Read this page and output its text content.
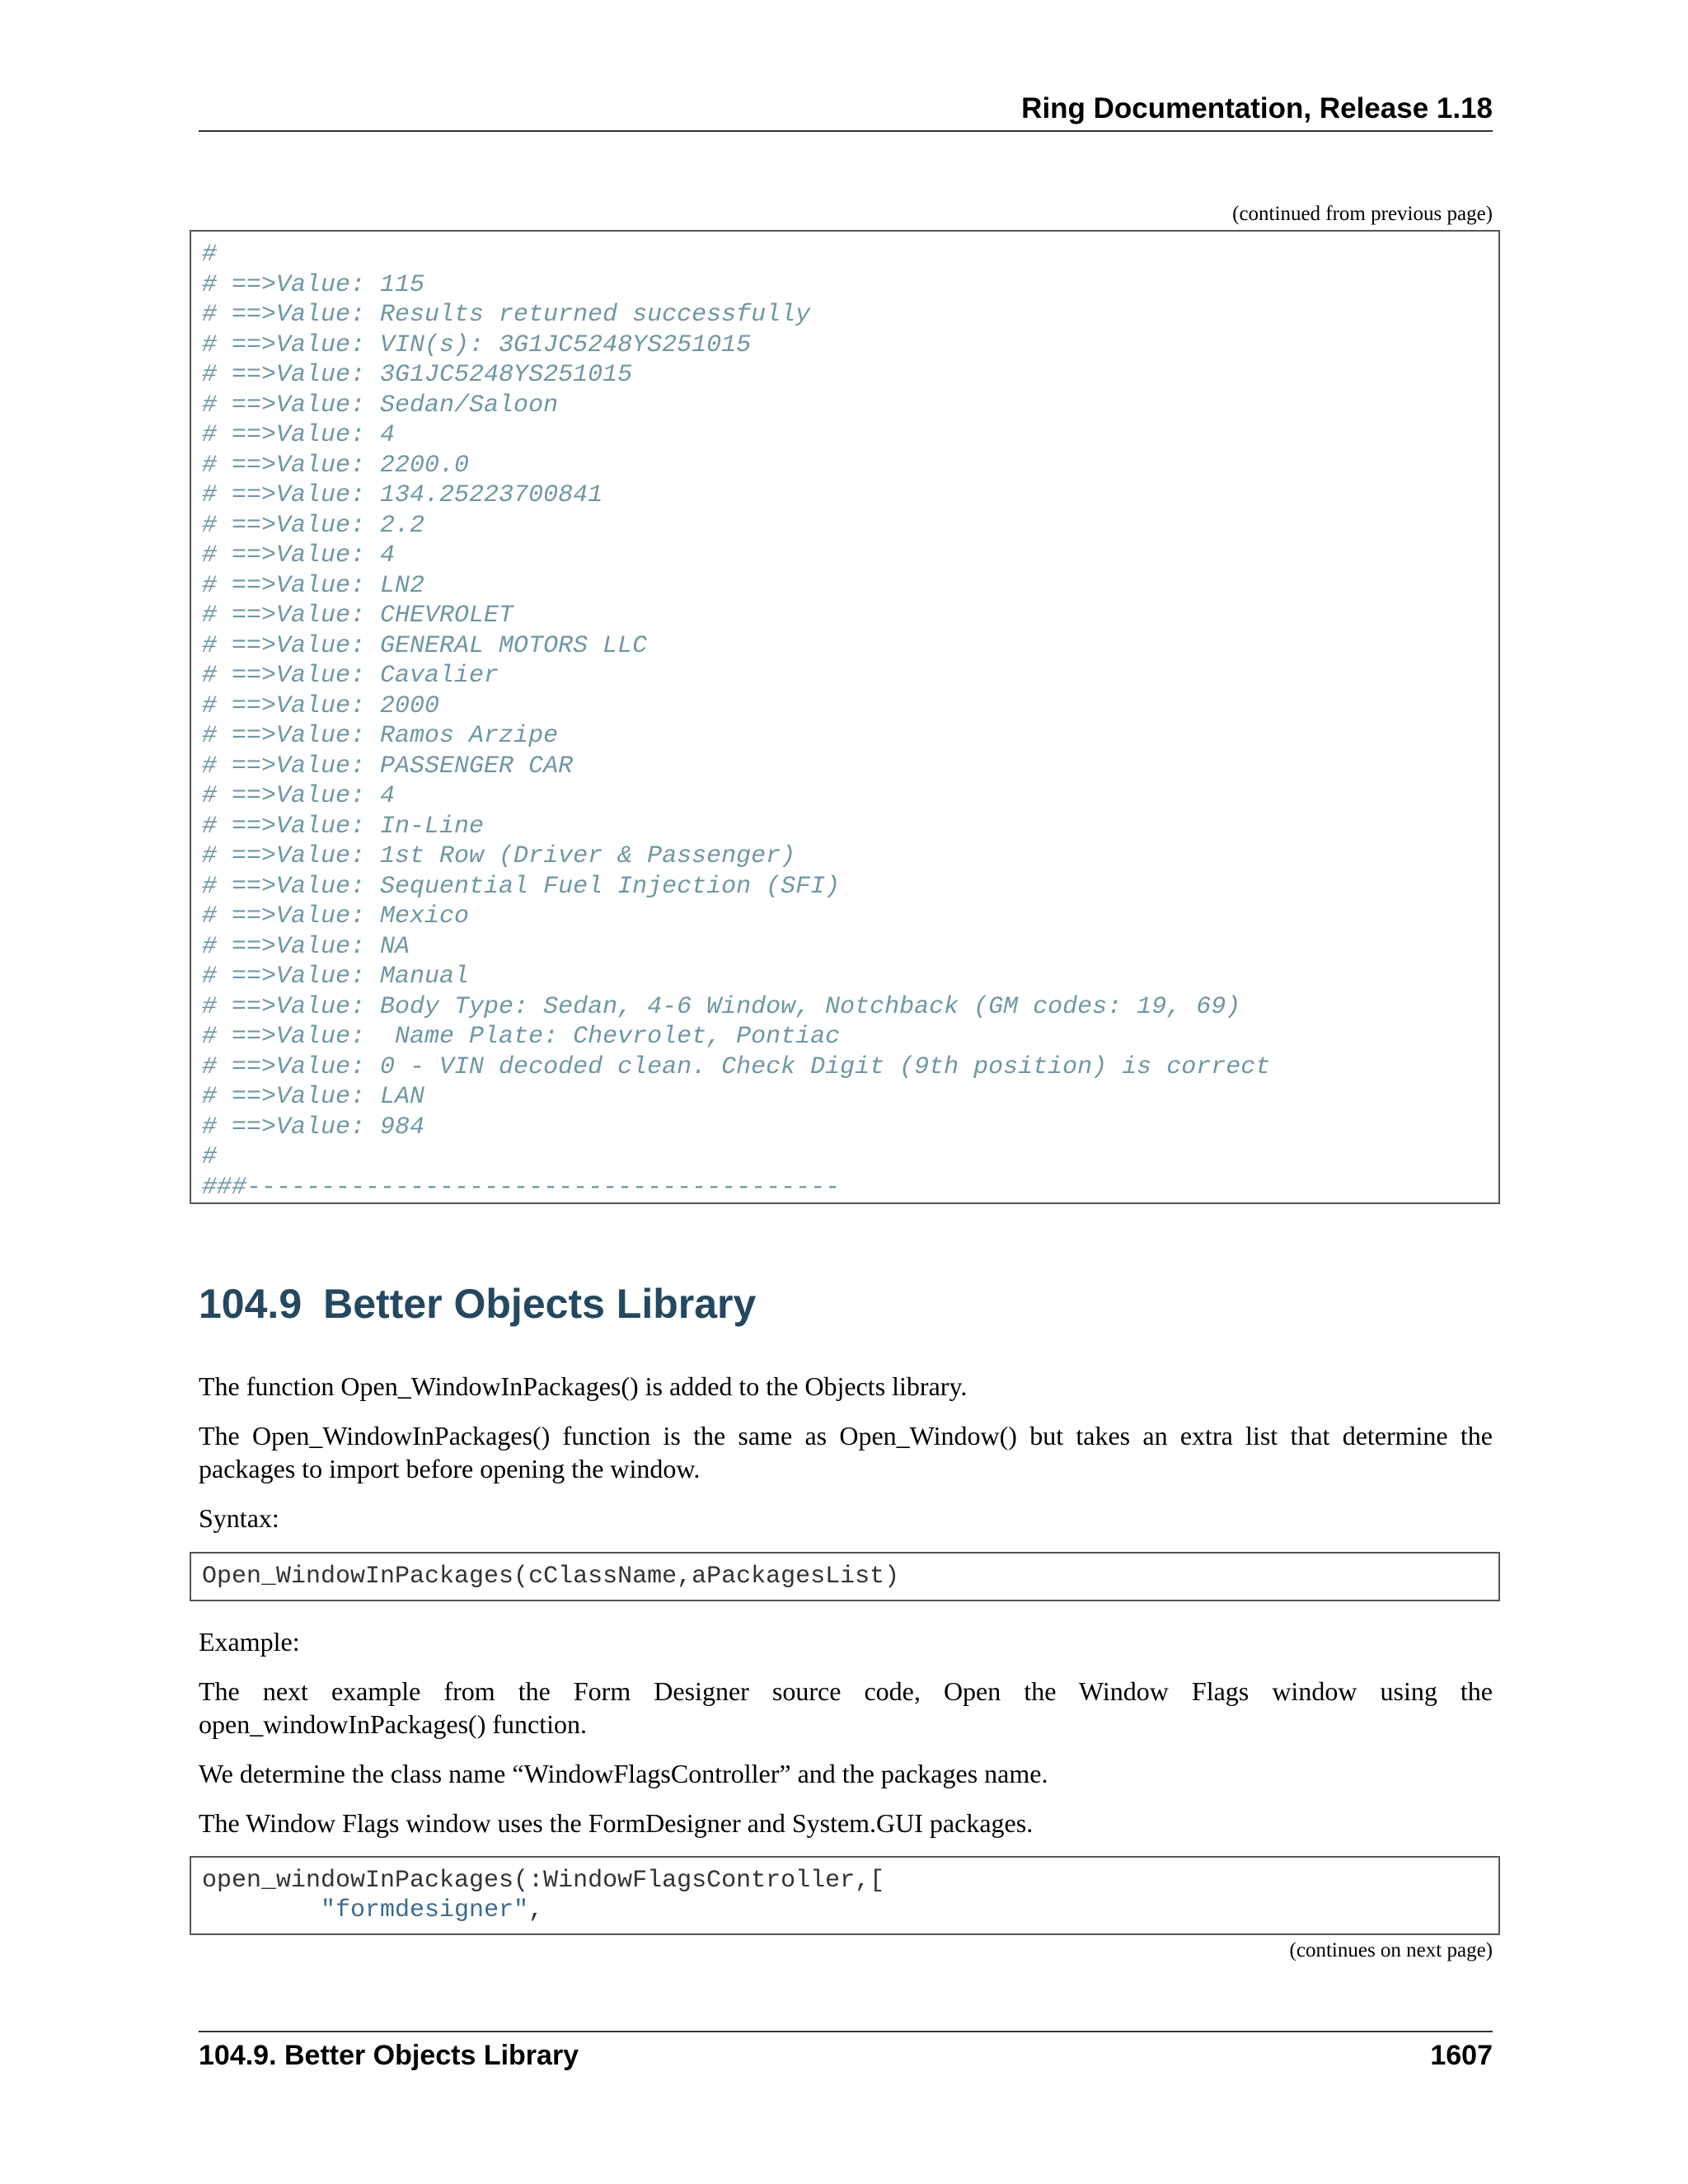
Ring Documentation, Release 1.18
(continued from previous page)
#
# ==>Value: 115
# ==>Value: Results returned successfully
# ==>Value: VIN(s): 3G1JC5248YS251015
# ==>Value: 3G1JC5248YS251015
# ==>Value: Sedan/Saloon
# ==>Value: 4
# ==>Value: 2200.0
# ==>Value: 134.25223700841
# ==>Value: 2.2
# ==>Value: 4
# ==>Value: LN2
# ==>Value: CHEVROLET
# ==>Value: GENERAL MOTORS LLC
# ==>Value: Cavalier
# ==>Value: 2000
# ==>Value: Ramos Arzipe
# ==>Value: PASSENGER CAR
# ==>Value: 4
# ==>Value: In-Line
# ==>Value: 1st Row (Driver & Passenger)
# ==>Value: Sequential Fuel Injection (SFI)
# ==>Value: Mexico
# ==>Value: NA
# ==>Value: Manual
# ==>Value: Body Type: Sedan, 4-6 Window, Notchback (GM codes: 19, 69)
# ==>Value:  Name Plate: Chevrolet, Pontiac
# ==>Value: 0 - VIN decoded clean. Check Digit (9th position) is correct
# ==>Value: LAN
# ==>Value: 984
#
###----------------------------------------
104.9 Better Objects Library
The function Open_WindowInPackages() is added to the Objects library.
The Open_WindowInPackages() function is the same as Open_Window() but takes an extra list that determine the packages to import before opening the window.
Syntax:
Open_WindowInPackages(cClassName,aPackagesList)
Example:
The next example from the Form Designer source code, Open the Window Flags window using the open_windowInPackages() function.
We determine the class name “WindowFlagsController” and the packages name.
The Window Flags window uses the FormDesigner and System.GUI packages.
open_windowInPackages(:WindowFlagsController,[
"formdesigner",
(continues on next page)
104.9. Better Objects Library	1607
